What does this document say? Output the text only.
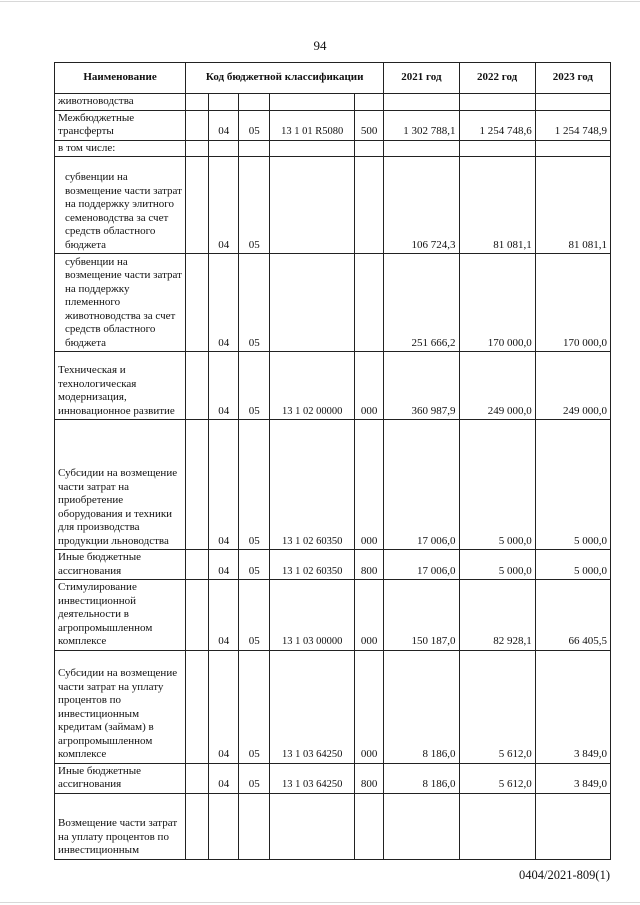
94
Наименование	Код бюджетной классификации					2021 год	2022 год	2023 год
животноводства								
Межбюджетные трансферты		04	05	13 1 01 R5080	500	1 302 788,1	1 254 748,6	1 254 748,9
в том числе:								
субвенции на возмещение части затрат на поддержку элитного семеноводства за счет средств областного бюджета		04	05			106 724,3	81 081,1	81 081,1
субвенции на возмещение части затрат на поддержку племенного животноводства за счет средств областного бюджета		04	05			251 666,2	170 000,0	170 000,0
Техническая и технологическая модернизация, инновационное развитие		04	05	13 1 02 00000	000	360 987,9	249 000,0	249 000,0
Субсидии на возмещение части затрат на приобретение оборудования и техники для производства продукции льноводства		04	05	13 1 02 60350	000	17 006,0	5 000,0	5 000,0
Иные бюджетные ассигнования		04	05	13 1 02 60350	800	17 006,0	5 000,0	5 000,0
Стимулирование инвестиционной деятельности в агропромышленном комплексе		04	05	13 1 03 00000	000	150 187,0	82 928,1	66 405,5
Субсидии на возмещение части затрат на уплату процентов по инвестиционным кредитам (займам) в агропромышленном комплексе		04	05	13 1 03 64250	000	8 186,0	5 612,0	3 849,0
Иные бюджетные ассигнования		04	05	13 1 03 64250	800	8 186,0	5 612,0	3 849,0
Возмещение части затрат на уплату процентов по инвестиционным								
0404/2021-809(1)
